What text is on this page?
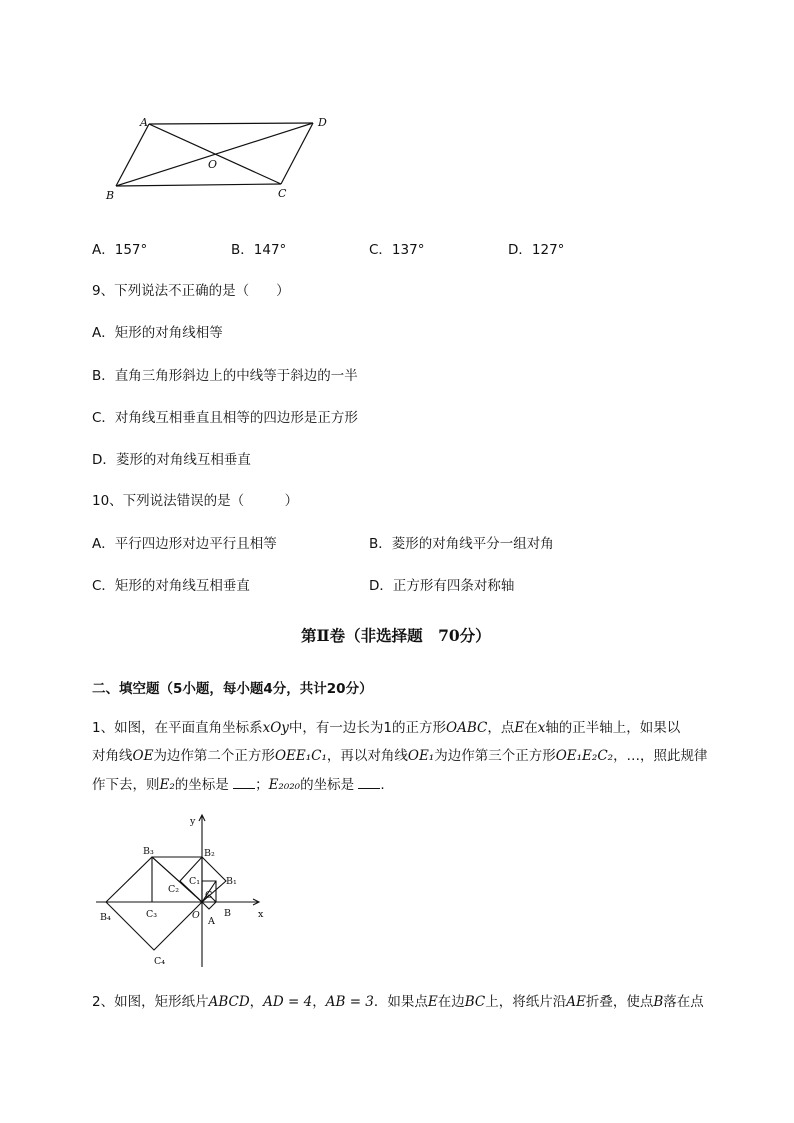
A	D
O
B	C
A．157°	B．147°	C．137°	D．127°
9、下列说法不正确的是（　　）
A．矩形的对角线相等
B．直角三角形斜边上的中线等于斜边的一半
C．对角线互相垂直且相等的四边形是正方形
D．菱形的对角线互相垂直
10、下列说法错误的是（　　　）
A．平行四边形对边平行且相等	B．菱形的对角线平分一组对角
C．矩形的对角线互相垂直	D．正方形有四条对称轴
第Ⅱ卷（非选择题　70分）
二、填空题（5小题，每小题4分，共计20分）
1、如图，在平面直角坐标系xOy中，有一边长为1的正方形OABC，点E在x轴的正半轴上，如果以
对角线OE为边作第二个正方形OEE₁C₁，再以对角线OE₁为边作第三个正方形OE₁E₂C₂，…，照此规律
作下去，则E₂的坐标是 ；E₂₀₂₀的坐标是 .
y
x
B₃	B₂
C₁
C₂
B₁
C
B₄	C₃	O	B
A
C₄
2、如图，矩形纸片ABCD，AD = 4，AB = 3．如果点E在边BC上，将纸片沿AE折叠，使点B落在点
